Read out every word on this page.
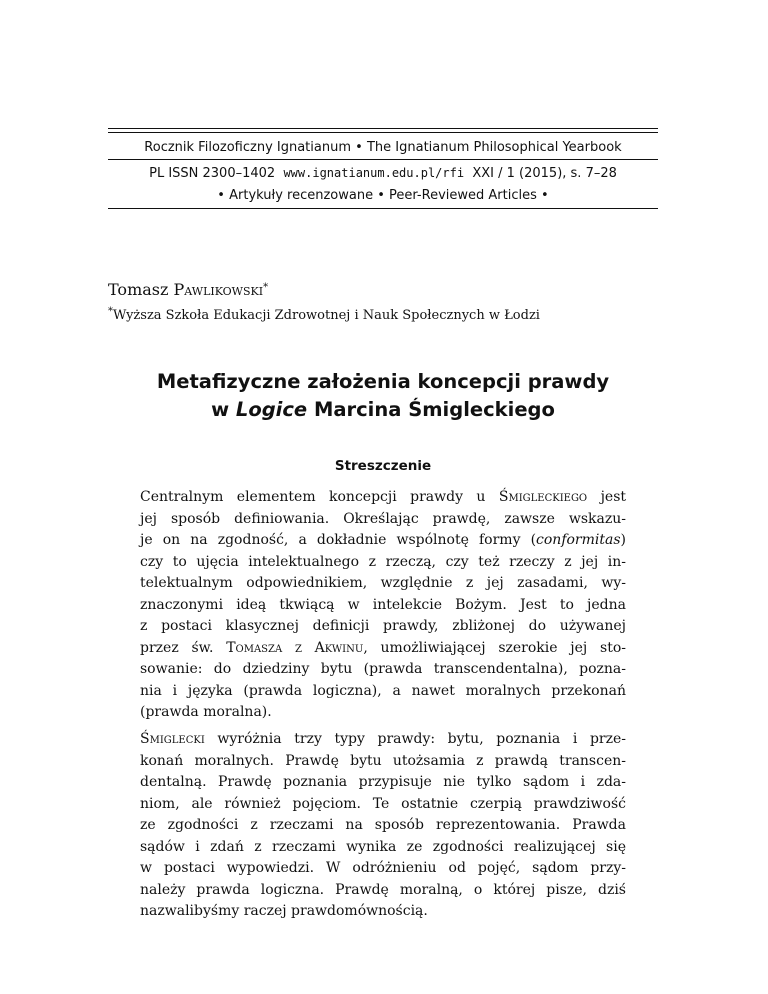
Rocznik Filozoficzny Ignatianum • The Ignatianum Philosophical Yearbook
PL ISSN 2300–1402 www.ignatianum.edu.pl/rfi XXI / 1 (2015), s. 7–28
• Artykuły recenzowane • Peer-Reviewed Articles •
Tomasz Pawlikowski*
*Wyższa Szkoła Edukacji Zdrowotnej i Nauk Społecznych w Łodzi
Metafizyczne założenia koncepcji prawdy
w Logice Marcina Śmigleckiego
Streszczenie
Centralnym elementem koncepcji prawdy u Śmigleckiego jest
jej sposób definiowania. Określając prawdę, zawsze wskazu-
je on na zgodność, a dokładnie wspólnotę formy (conformitas)
czy to ujęcia intelektualnego z rzeczą, czy też rzeczy z jej in-
telektualnym odpowiednikiem, względnie z jej zasadami, wy-
znaczonymi ideą tkwiącą w intelekcie Bożym. Jest to jedna
z postaci klasycznej definicji prawdy, zbliżonej do używanej
przez św. Tomasza z Akwinu, umożliwiającej szerokie jej sto-
sowanie: do dziedziny bytu (prawda transcendentalna), pozna-
nia i języka (prawda logiczna), a nawet moralnych przekonań
(prawda moralna).
Śmiglecki wyróżnia trzy typy prawdy: bytu, poznania i prze-
konań moralnych. Prawdę bytu utożsamia z prawdą transcen-
dentalną. Prawdę poznania przypisuje nie tylko sądom i zda-
niom, ale również pojęciom. Te ostatnie czerpią prawdziwość
ze zgodności z rzeczami na sposób reprezentowania. Prawda
sądów i zdań z rzeczami wynika ze zgodności realizującej się
w postaci wypowiedzi. W odróżnieniu od pojęć, sądom przy-
należy prawda logiczna. Prawdę moralną, o której pisze, dziś
nazwalibyśmy raczej prawdomównością.
